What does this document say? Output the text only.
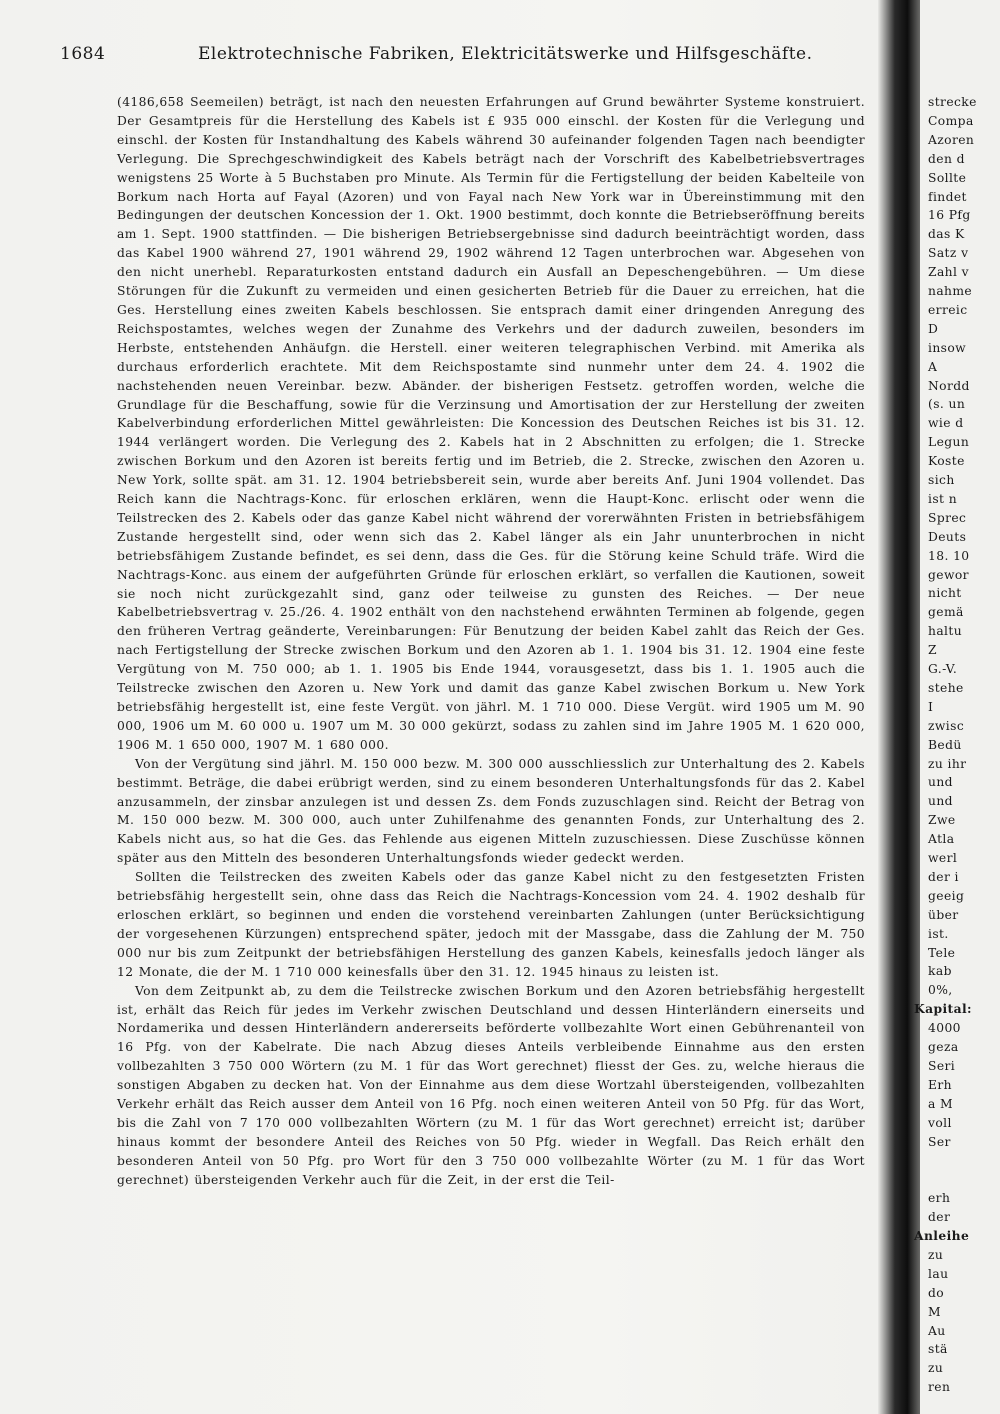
1684	Elektrotechnische Fabriken, Elektricitätswerke und Hilfsgeschäfte.

(4186,658 Seemeilen) beträgt, ist nach den neuesten Erfahrungen auf Grund bewährter Systeme konstruiert. Der Gesamtpreis für die Herstellung des Kabels ist £ 935 000 einschl. der Kosten für die Verlegung und einschl. der Kosten für Instandhaltung des Kabels während 30 aufeinander folgenden Tagen nach beendigter Verlegung. Die Sprechgeschwindigkeit des Kabels beträgt nach der Vorschrift des Kabelbetriebsvertrages wenigstens 25 Worte à 5 Buchstaben pro Minute. Als Termin für die Fertigstellung der beiden Kabelteile von Borkum nach Horta auf Fayal (Azoren) und von Fayal nach New York war in Übereinstimmung mit den Bedingungen der deutschen Koncession der 1. Okt. 1900 bestimmt, doch konnte die Betriebseröffnung bereits am 1. Sept. 1900 stattfinden. — Die bisherigen Betriebsergebnisse sind dadurch beeinträchtigt worden, dass das Kabel 1900 während 27, 1901 während 29, 1902 während 12 Tagen unterbrochen war. Abgesehen von den nicht unerhebl. Reparaturkosten entstand dadurch ein Ausfall an Depeschengebühren. — Um diese Störungen für die Zukunft zu vermeiden und einen gesicherten Betrieb für die Dauer zu erreichen, hat die Ges. Herstellung eines zweiten Kabels beschlossen. Sie entsprach damit einer dringenden Anregung des Reichspostamtes, welches wegen der Zunahme des Verkehrs und der dadurch zuweilen, besonders im Herbste, entstehenden Anhäufgn. die Herstell. einer weiteren telegraphischen Verbind. mit Amerika als durchaus erforderlich erachtete. Mit dem Reichspostamte sind nunmehr unter dem 24. 4. 1902 die nachstehenden neuen Vereinbar. bezw. Abänder. der bisherigen Festsetz. getroffen worden, welche die Grundlage für die Beschaffung, sowie für die Verzinsung und Amortisation der zur Herstellung der zweiten Kabelverbindung erforderlichen Mittel gewährleisten: Die Koncession des Deutschen Reiches ist bis 31. 12. 1944 verlängert worden. Die Verlegung des 2. Kabels hat in 2 Abschnitten zu erfolgen; die 1. Strecke zwischen Borkum und den Azoren ist bereits fertig und im Betrieb, die 2. Strecke, zwischen den Azoren u. New York, sollte spät. am 31. 12. 1904 betriebsbereit sein, wurde aber bereits Anf. Juni 1904 vollendet. Das Reich kann die Nachtrags-Konc. für erloschen erklären, wenn die Haupt-Konc. erlischt oder wenn die Teilstrecken des 2. Kabels oder das ganze Kabel nicht während der vorerwähnten Fristen in betriebsfähigem Zustande hergestellt sind, oder wenn sich das 2. Kabel länger als ein Jahr ununterbrochen in nicht betriebsfähigem Zustande befindet, es sei denn, dass die Ges. für die Störung keine Schuld träfe. Wird die Nachtrags-Konc. aus einem der aufgeführten Gründe für erloschen erklärt, so verfallen die Kautionen, soweit sie noch nicht zurückgezahlt sind, ganz oder teilweise zu gunsten des Reiches. — Der neue Kabelbetriebsvertrag v. 25./26. 4. 1902 enthält von den nachstehend erwähnten Terminen ab folgende, gegen den früheren Vertrag geänderte, Vereinbarungen: Für Benutzung der beiden Kabel zahlt das Reich der Ges. nach Fertigstellung der Strecke zwischen Borkum und den Azoren ab 1. 1. 1904 bis 31. 12. 1904 eine feste Vergütung von M. 750 000; ab 1. 1. 1905 bis Ende 1944, vorausgesetzt, dass bis 1. 1. 1905 auch die Teilstrecke zwischen den Azoren u. New York und damit das ganze Kabel zwischen Borkum u. New York betriebsfähig hergestellt ist, eine feste Vergüt. von jährl. M. 1 710 000. Diese Vergüt. wird 1905 um M. 90 000, 1906 um M. 60 000 u. 1907 um M. 30 000 gekürzt, sodass zu zahlen sind im Jahre 1905 M. 1 620 000, 1906 M. 1 650 000, 1907 M. 1 680 000.

Von der Vergütung sind jährl. M. 150 000 bezw. M. 300 000 ausschliesslich zur Unterhaltung des 2. Kabels bestimmt. Beträge, die dabei erübrigt werden, sind zu einem besonderen Unterhaltungsfonds für das 2. Kabel anzusammeln, der zinsbar anzulegen ist und dessen Zs. dem Fonds zuzuschlagen sind. Reicht der Betrag von M. 150 000 bezw. M. 300 000, auch unter Zuhilfenahme des genannten Fonds, zur Unterhaltung des 2. Kabels nicht aus, so hat die Ges. das Fehlende aus eigenen Mitteln zuzuschiessen. Diese Zuschüsse können später aus den Mitteln des besonderen Unterhaltungsfonds wieder gedeckt werden.

Sollten die Teilstrecken des zweiten Kabels oder das ganze Kabel nicht zu den festgesetzten Fristen betriebsfähig hergestellt sein, ohne dass das Reich die Nachtrags-Koncession vom 24. 4. 1902 deshalb für erloschen erklärt, so beginnen und enden die vorstehend vereinbarten Zahlungen (unter Berücksichtigung der vorgesehenen Kürzungen) entsprechend später, jedoch mit der Massgabe, dass die Zahlung der M. 750 000 nur bis zum Zeitpunkt der betriebsfähigen Herstellung des ganzen Kabels, keinesfalls jedoch länger als 12 Monate, die der M. 1 710 000 keinesfalls über den 31. 12. 1945 hinaus zu leisten ist.

Von dem Zeitpunkt ab, zu dem die Teilstrecke zwischen Borkum und den Azoren betriebsfähig hergestellt ist, erhält das Reich für jedes im Verkehr zwischen Deutschland und dessen Hinterländern einerseits und Nordamerika und dessen Hinterländern andererseits beförderte vollbezahlte Wort einen Gebührenanteil von 16 Pfg. von der Kabelrate. Die nach Abzug dieses Anteils verbleibende Einnahme aus den ersten vollbezahlten 3 750 000 Wörtern (zu M. 1 für das Wort gerechnet) fliesst der Ges. zu, welche hieraus die sonstigen Abgaben zu decken hat. Von der Einnahme aus dem diese Wortzahl übersteigenden, vollbezahlten Verkehr erhält das Reich ausser dem Anteil von 16 Pfg. noch einen weiteren Anteil von 50 Pfg. für das Wort, bis die Zahl von 7 170 000 vollbezahlten Wörtern (zu M. 1 für das Wort gerechnet) erreicht ist; darüber hinaus kommt der besondere Anteil des Reiches von 50 Pfg. wieder in Wegfall. Das Reich erhält den besonderen Anteil von 50 Pfg. pro Wort für den 3 750 000 vollbezahlte Wörter (zu M. 1 für das Wort gerechnet) übersteigenden Verkehr auch für die Zeit, in der erst die Teil-

strecke
Compa
Azoren
den d
Sollte
findet
16 Pfg
das K
Satz v
Zahl v
nahme
erreic
D
insow
A
Nordd
(s. un
wie d
Legun
Koste
sich
ist n
Sprec
Deuts
18. 10
gewor
nicht
gemä
haltu
Z
G.-V.
stehe
I
zwisc
Bedü
zu ihr
und
und
Zwe
Atla
werl
der i
geeig
über
ist.
Tele
kab
0%,
Kapital:
4000
geza
Seri
Erh
a M
voll
Ser
erh
der
Anleihe
zu
lau
do
M
Au
stä
zu
ren
